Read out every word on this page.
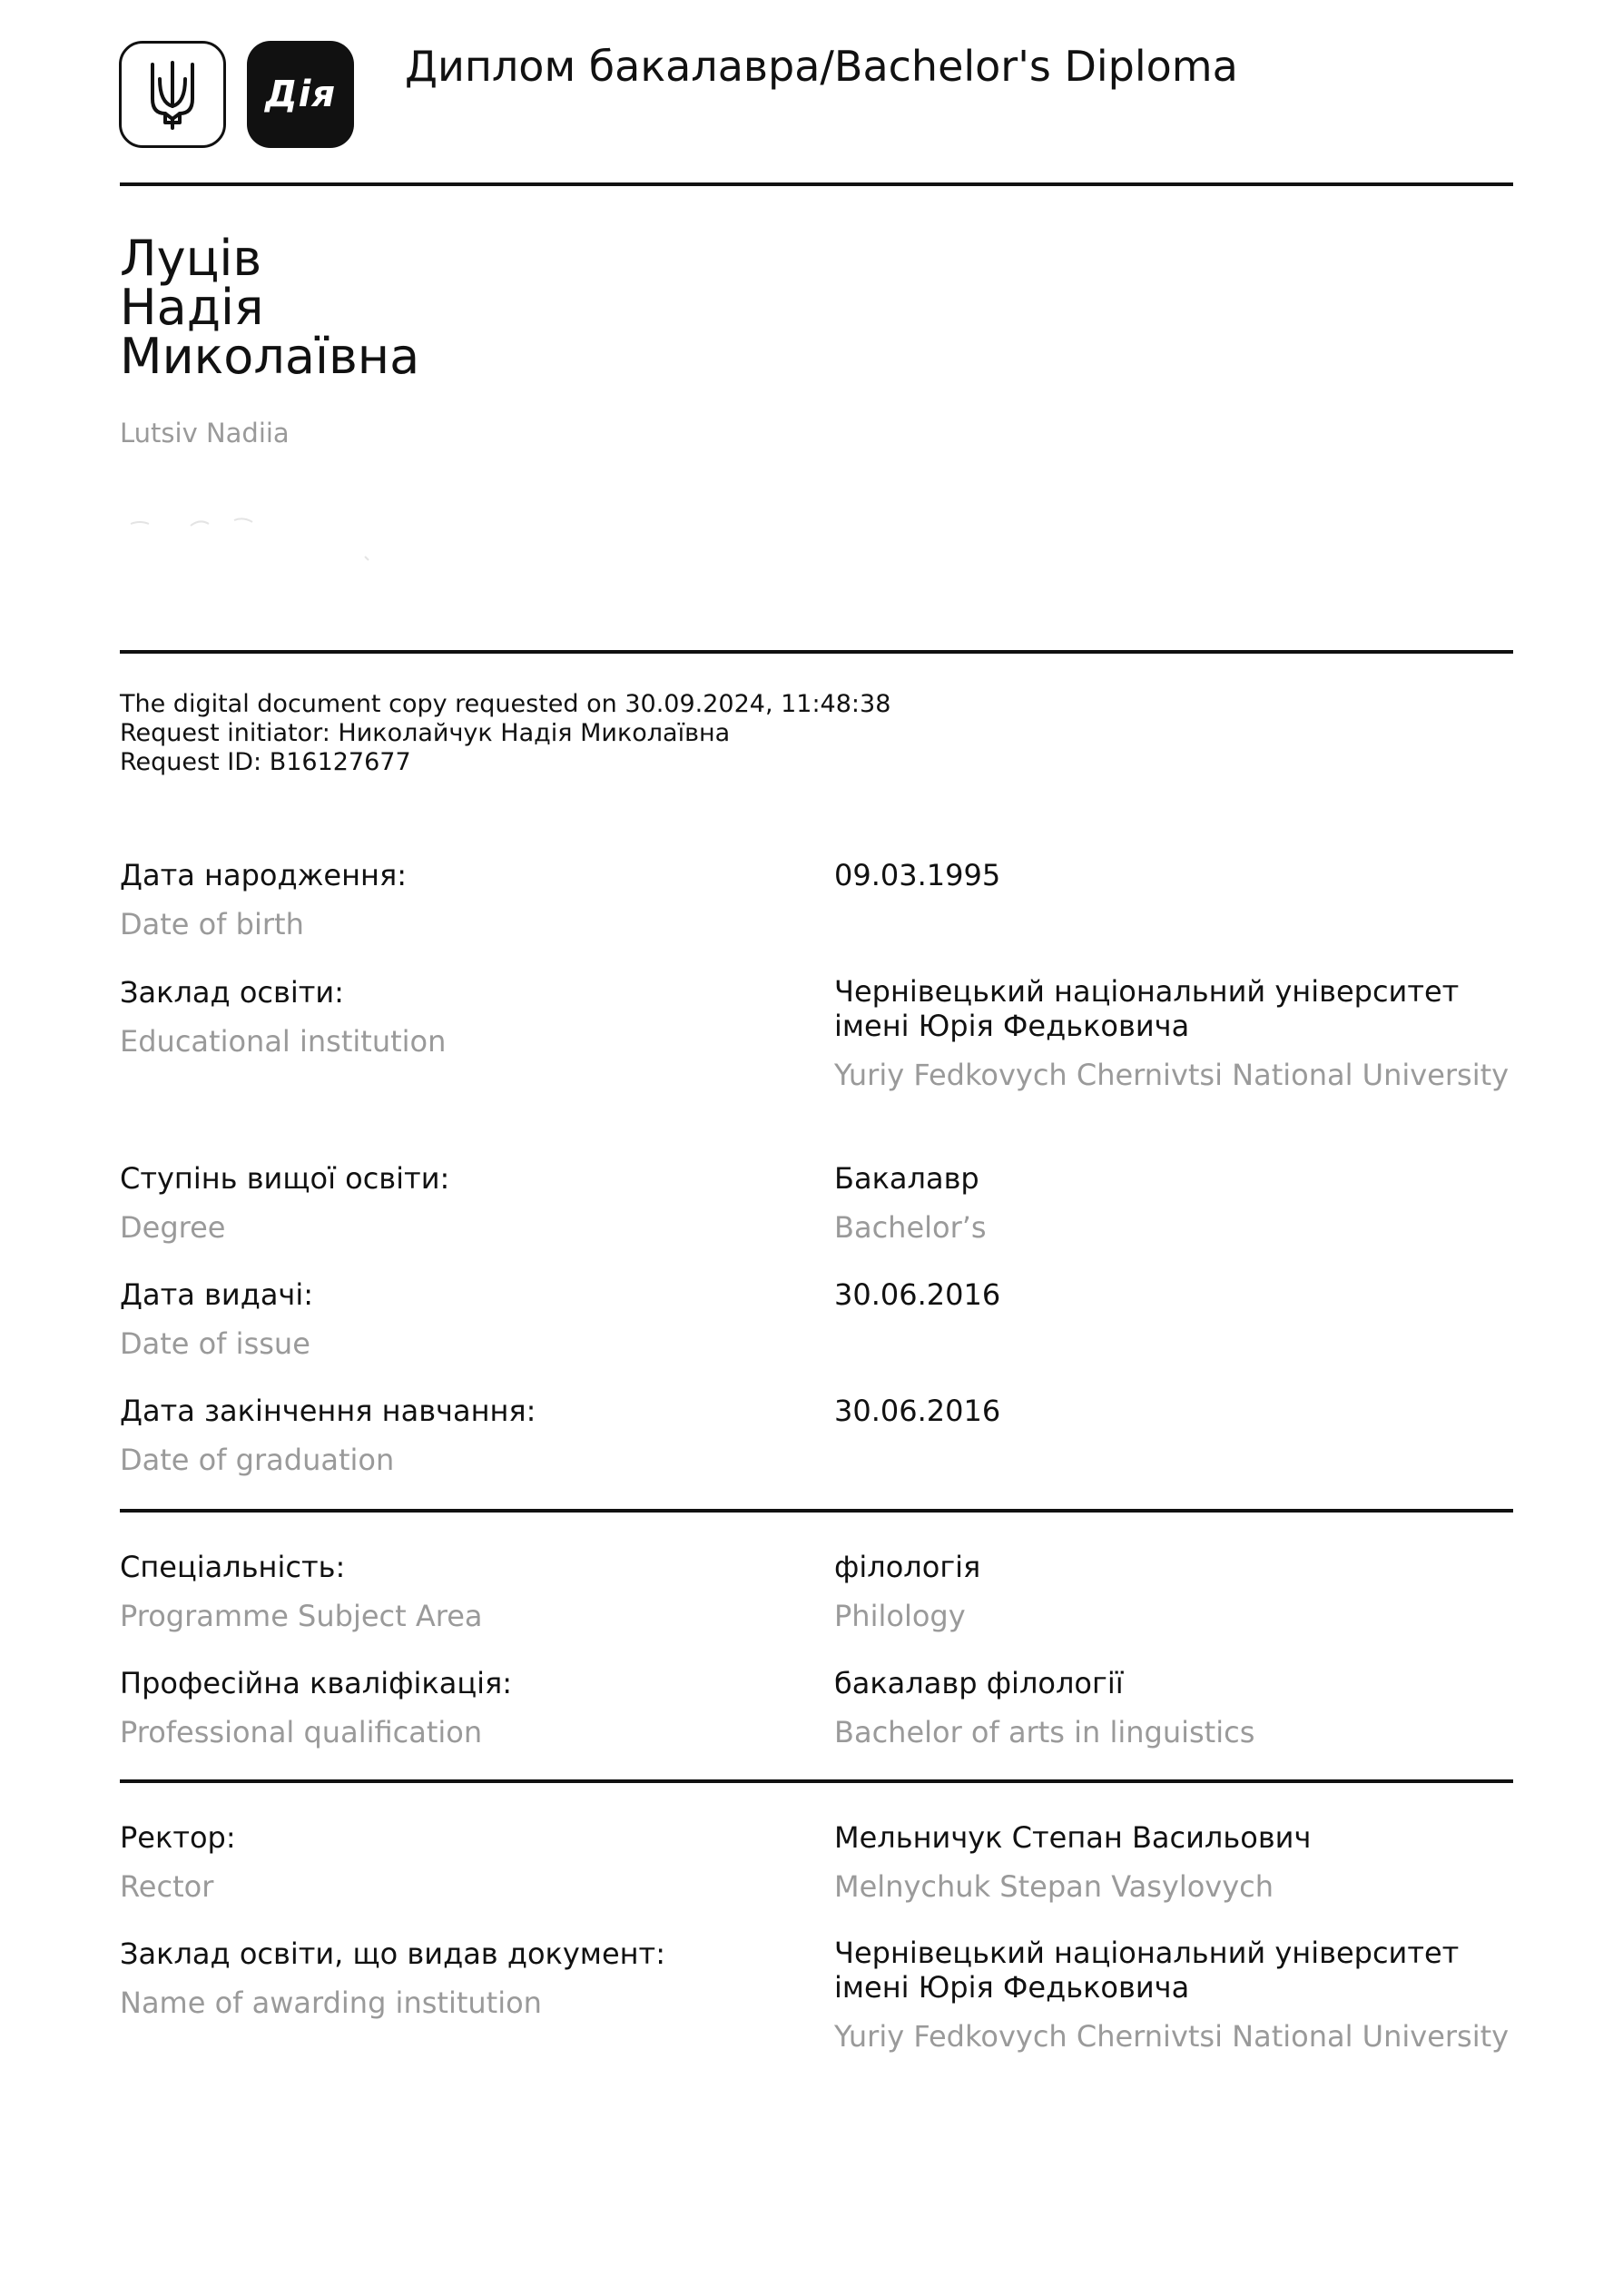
Дія
Диплом бакалавра/Bachelor's Diploma
Луців
Надія
Миколаївна
Lutsiv Nadiia
The digital document copy requested on 30.09.2024, 11:48:38
Request initiator: Николайчук Надія Миколаївна
Request ID: B16127677
Дата народження:
Date of birth
09.03.1995
Заклад освіти:
Educational institution
Чернівецький національний університет імені Юрія Федьковича
Yuriy Fedkovych Chernivtsi National University
Ступінь вищої освіти:
Degree
Бакалавр
Bachelor’s
Дата видачі:
Date of issue
30.06.2016
Дата закінчення навчання:
Date of graduation
30.06.2016
Спеціальність:
Programme Subject Area
філологія
Philology
Професійна кваліфікація:
Professional qualification
бакалавр філології
Bachelor of arts in linguistics
Ректор:
Rector
Мельничук Степан Васильович
Melnychuk Stepan Vasylovych
Заклад освіти, що видав документ:
Name of awarding institution
Чернівецький національний університет імені Юрія Федьковича
Yuriy Fedkovych Chernivtsi National University
